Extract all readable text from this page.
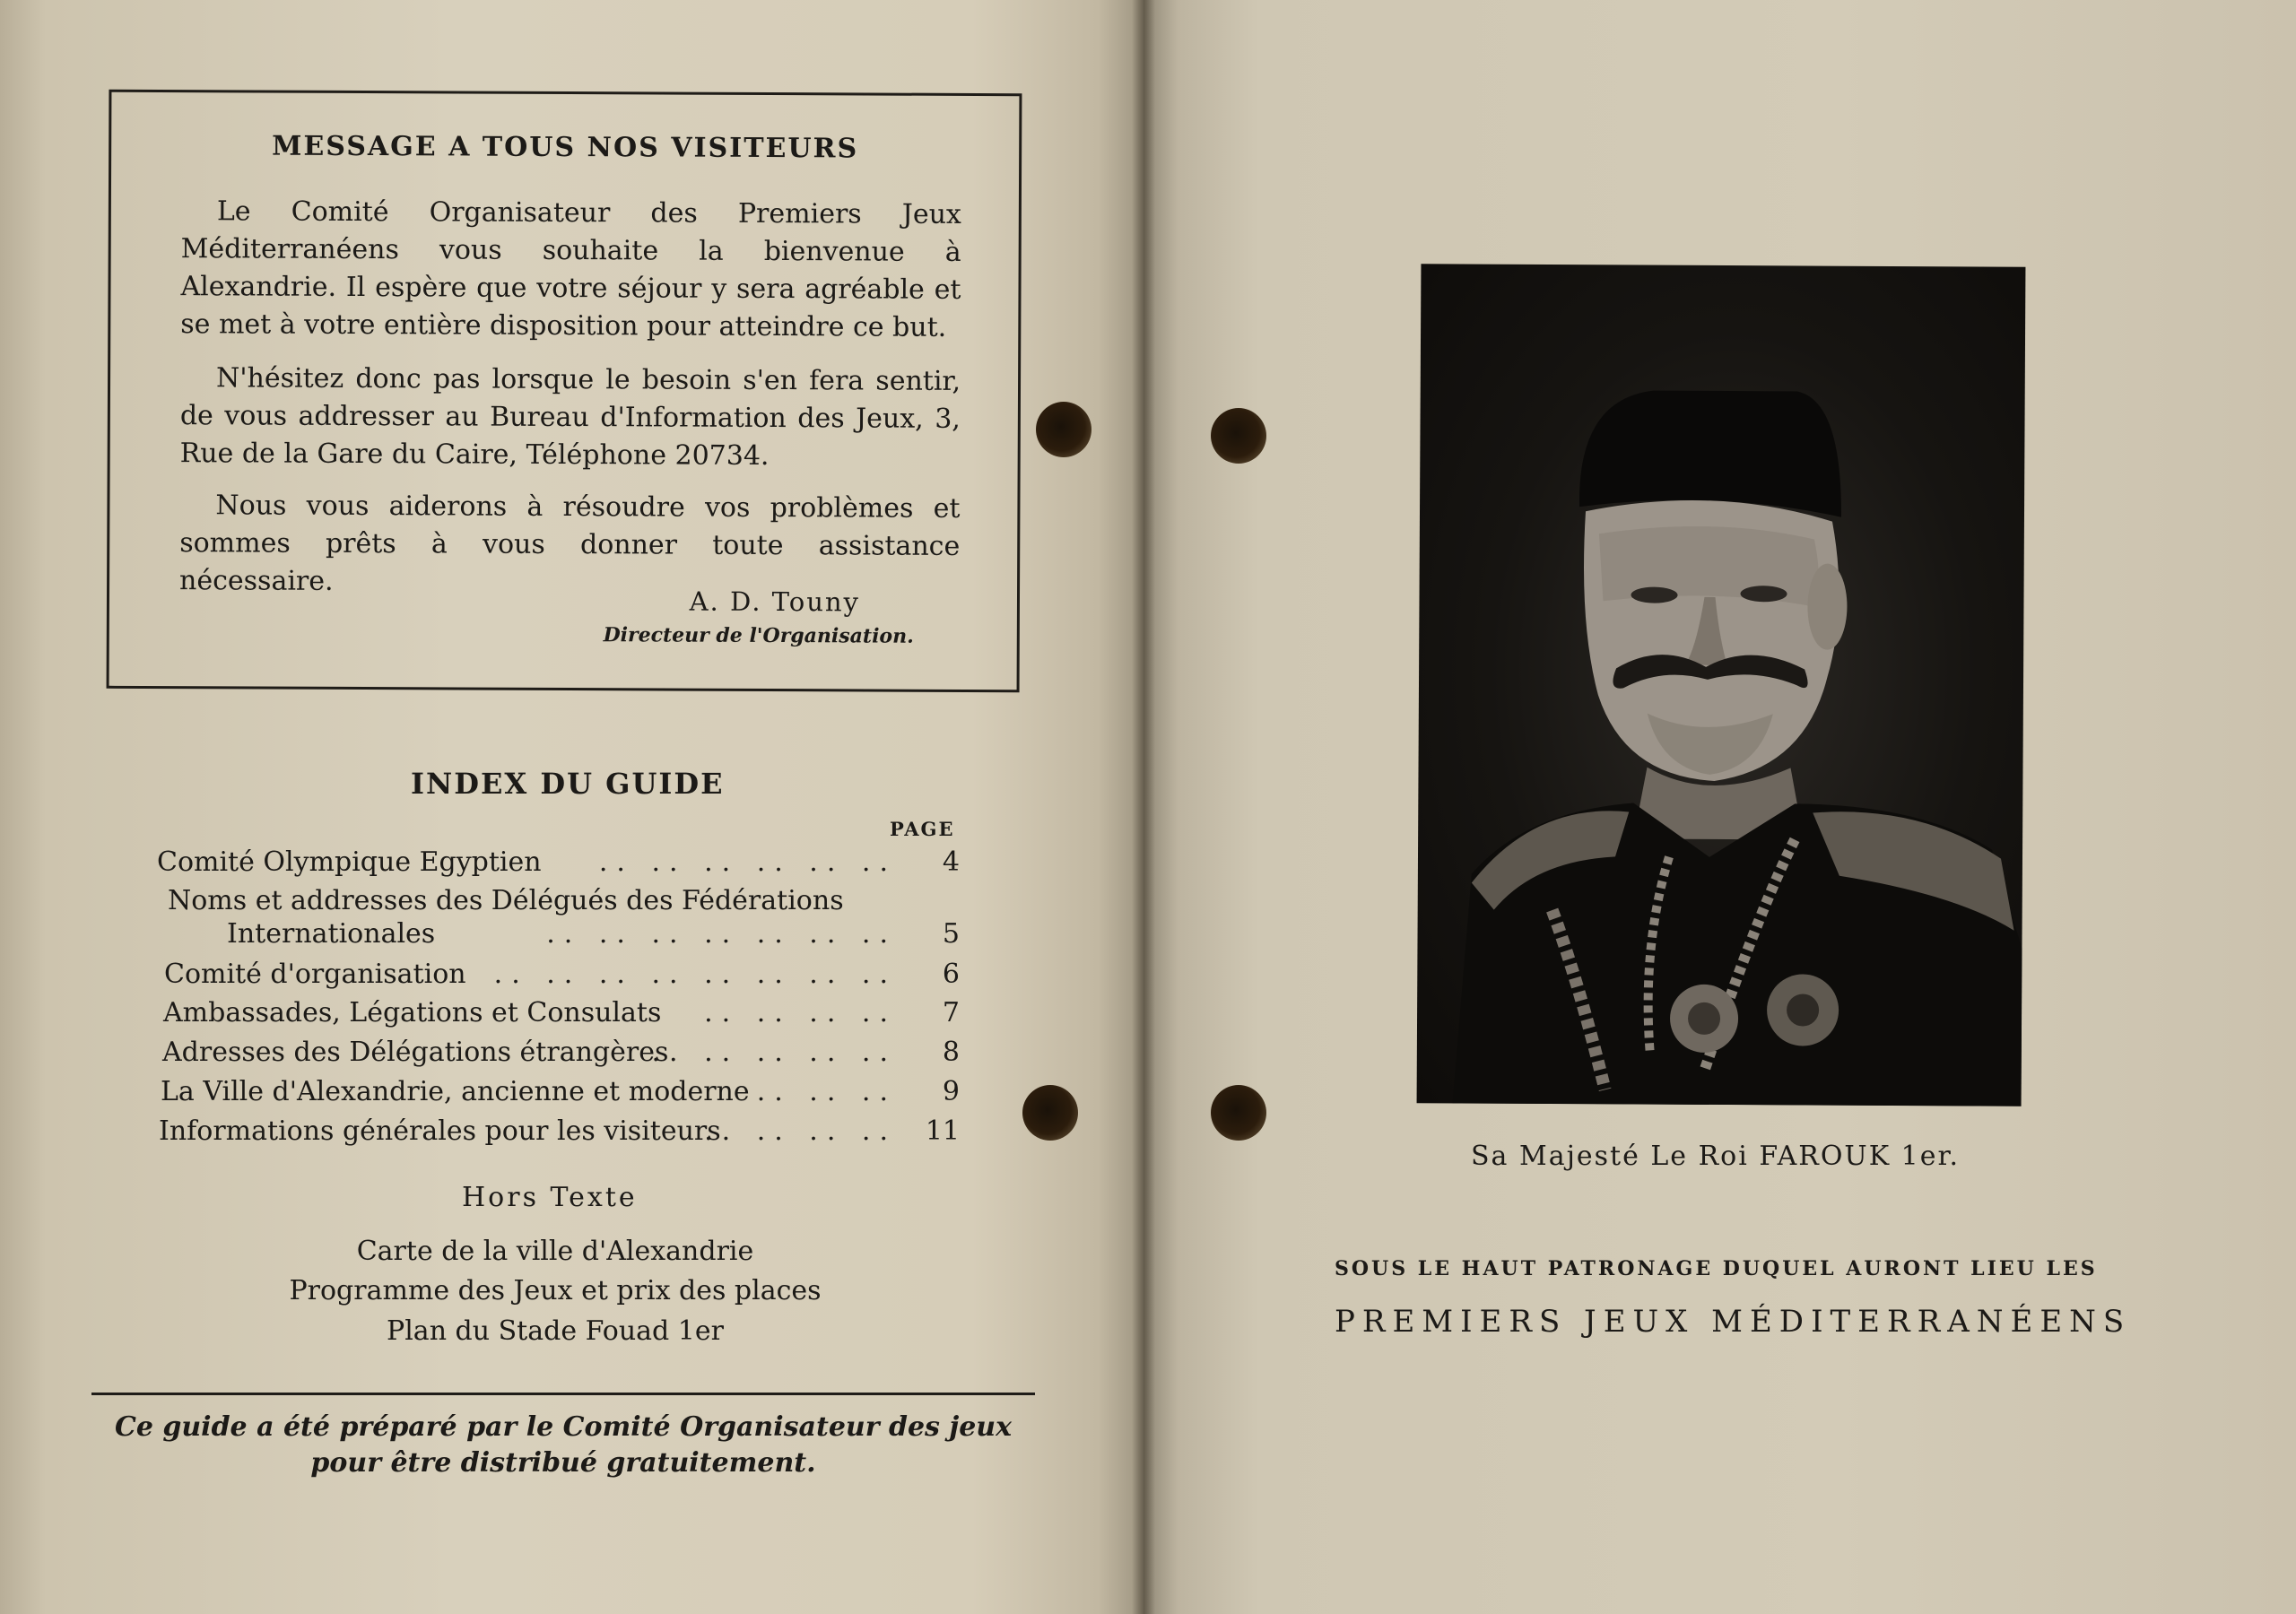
MESSAGE A TOUS NOS VISITEURS
Le Comité Organisateur des Premiers Jeux Méditerranéens vous souhaite la bienvenue à Alexandrie. Il espère que votre séjour y sera agréable et se met à votre entière disposition pour atteindre ce but.
N'hésitez donc pas lorsque le besoin s'en fera sentir, de vous addresser au Bureau d'Information des Jeux, 3, Rue de la Gare du Caire, Téléphone 20734.
Nous vous aiderons à résoudre vos problèmes et sommes prêts à vous donner toute assistance nécessaire.
A. D. Touny
Directeur de l'Organisation.
INDEX DU GUIDE
PAGE
Comité Olympique Egyptien .. .. .. .. .. .. 4
Noms et addresses des Délégués des Fédérations
Internationales	.. .. .. .. .. .. .. 5
Comité d'organisation .. .. .. .. .. .. .. .. 6
Ambassades, Légations et Consulats .. .. .. .. 7
Adresses des Délégations étrangères
.. .. .. .. .. 8
La Ville d'Alexandrie, ancienne et moderne .. .. .. 9
Informations générales pour les visiteurs
.. .. .. .. 11
Hors Texte
Carte de la ville d'Alexandrie
Programme des Jeux et prix des places
Plan du Stade Fouad 1er
Ce guide a été préparé par le Comité Organisateur des jeux
pour être distribué gratuitement.
Sa Majesté Le Roi FAROUK 1er.
SOUS LE HAUT PATRONAGE DUQUEL AURONT LIEU LES
PREMIERS JEUX MÉDITERRANÉENS
